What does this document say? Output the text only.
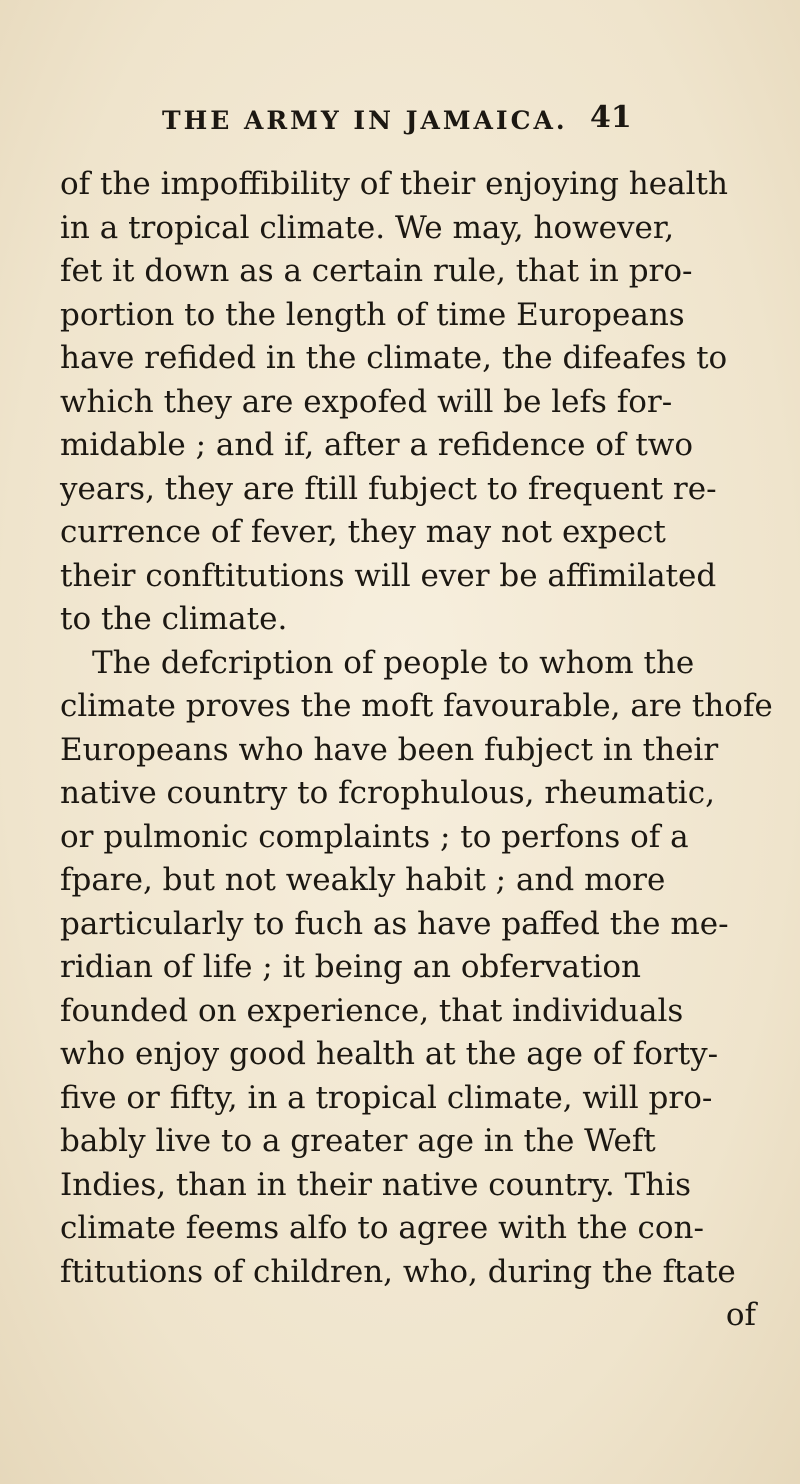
THE ARMY IN JAMAICA. 41
of the impoffibility of their enjoying health
in a tropical climate. We may, however,
fet it down as a certain rule, that in pro-
portion to the length of time Europeans
have refided in the climate, the difeafes to
which they are expofed will be lefs for-
midable ; and if, after a refidence of two
years, they are ftill fubject to frequent re-
currence of fever, they may not expect
their conftitutions will ever be affimilated
to the climate.
The defcription of people to whom the
climate proves the moft favourable, are thofe
Europeans who have been fubject in their
native country to fcrophulous, rheumatic,
or pulmonic complaints ; to perfons of a
fpare, but not weakly habit ; and more
particularly to fuch as have paffed the me-
ridian of life ; it being an obfervation
founded on experience, that individuals
who enjoy good health at the age of forty-
five or fifty, in a tropical climate, will pro-
bably live to a greater age in the Weft
Indies, than in their native country. This
climate feems alfo to agree with the con-
ftitutions of children, who, during the ftate
of
